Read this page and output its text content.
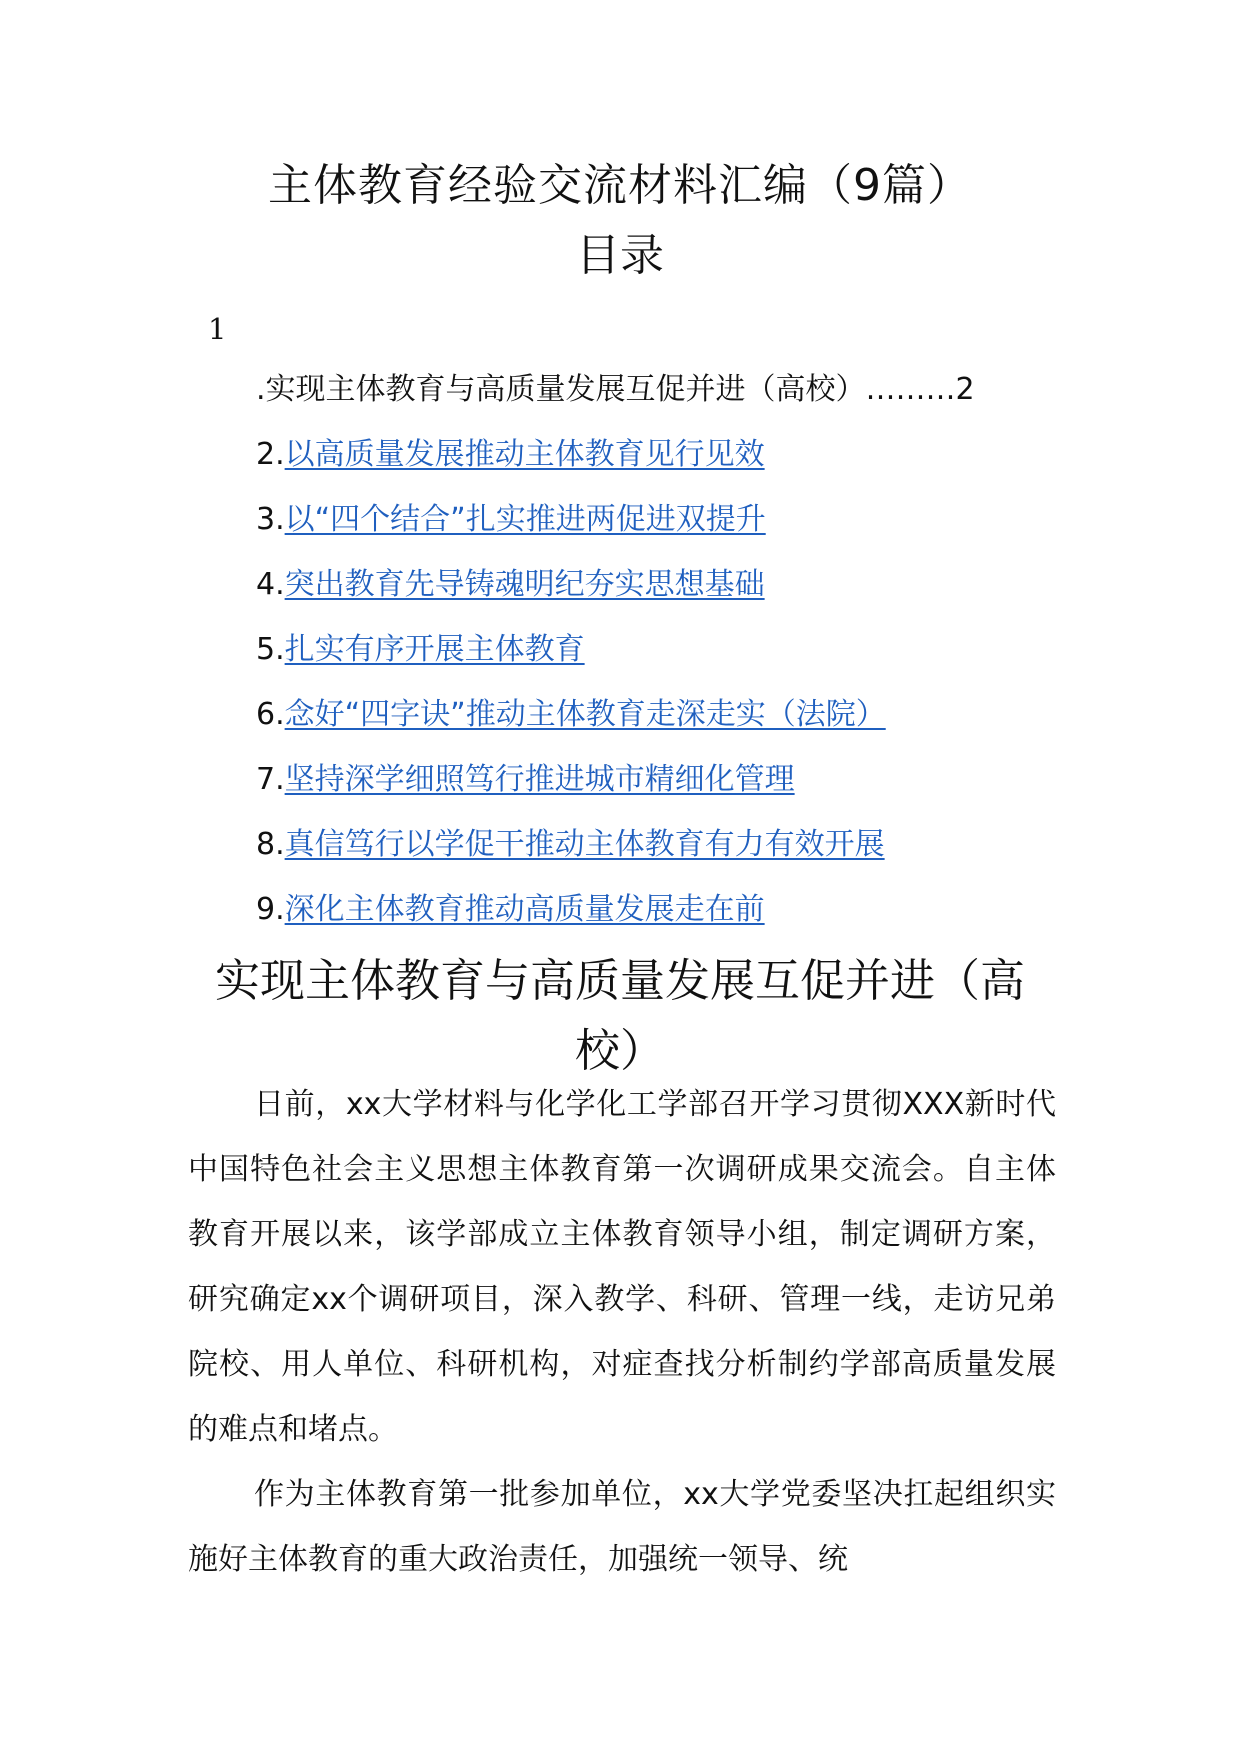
主体教育经验交流材料汇编（9篇）
目录
1
.实现主体教育与高质量发展互促并进（高校）………2
2.以高质量发展推动主体教育见行见效
3.以“四个结合”扎实推进两促进双提升
4.突出教育先导铸魂明纪夯实思想基础
5.扎实有序开展主体教育
6.念好“四字诀”推动主体教育走深走实（法院）
7.坚持深学细照笃行推进城市精细化管理
8.真信笃行以学促干推动主体教育有力有效开展
9.深化主体教育推动高质量发展走在前
实现主体教育与高质量发展互促并进（高校）

日前，xx大学材料与化学化工学部召开学习贯彻XXX新时代中国特色社会主义思想主体教育第一次调研成果交流会。自主体教育开展以来，该学部成立主体教育领导小组，制定调研方案，研究确定xx个调研项目，深入教学、科研、管理一线，走访兄弟院校、用人单位、科研机构，对症查找分析制约学部高质量发展的难点和堵点。

作为主体教育第一批参加单位，xx大学党委坚决扛起组织实施好主体教育的重大政治责任，加强统一领导、统
